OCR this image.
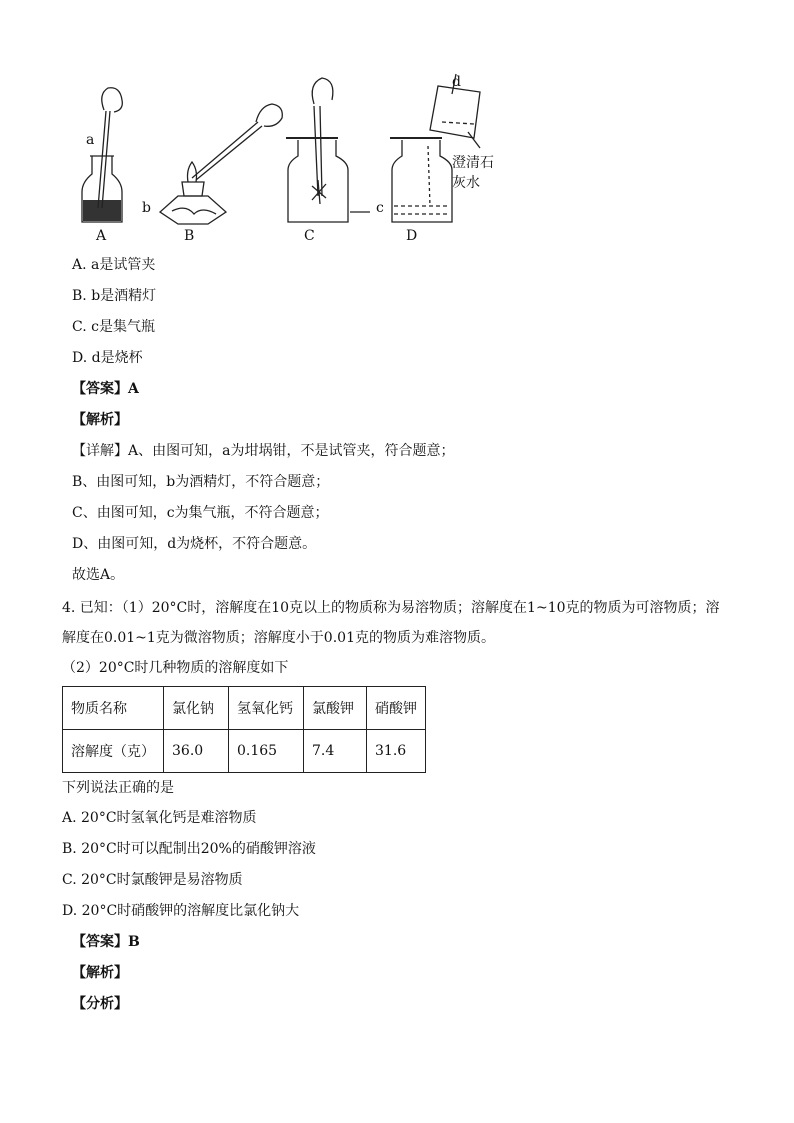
a
b	c
d
澄清石
灰水
A	B	C	D
A. a是试管夹
B. b是酒精灯
C. c是集气瓶
D. d是烧杯
【答案】A
【解析】
【详解】A、由图可知，a为坩埚钳，不是试管夹，符合题意；
B、由图可知，b为酒精灯，不符合题意；
C、由图可知，c为集气瓶，不符合题意；
D、由图可知，d为烧杯，不符合题意。
故选A。
4. 已知：（1）20°C时，溶解度在10克以上的物质称为易溶物质；溶解度在1~10克的物质为可溶物质；溶
解度在0.01~1克为微溶物质；溶解度小于0.01克的物质为难溶物质。
（2）20°C时几种物质的溶解度如下
物质名称	氯化钠	氢氧化钙	氯酸钾	硝酸钾
溶解度（克）	36.0	0.165	7.4	31.6
下列说法正确的是
A. 20°C时氢氧化钙是难溶物质
B. 20°C时可以配制出20%的硝酸钾溶液
C. 20°C时氯酸钾是易溶物质
D. 20°C时硝酸钾的溶解度比氯化钠大
【答案】B
【解析】
【分析】
